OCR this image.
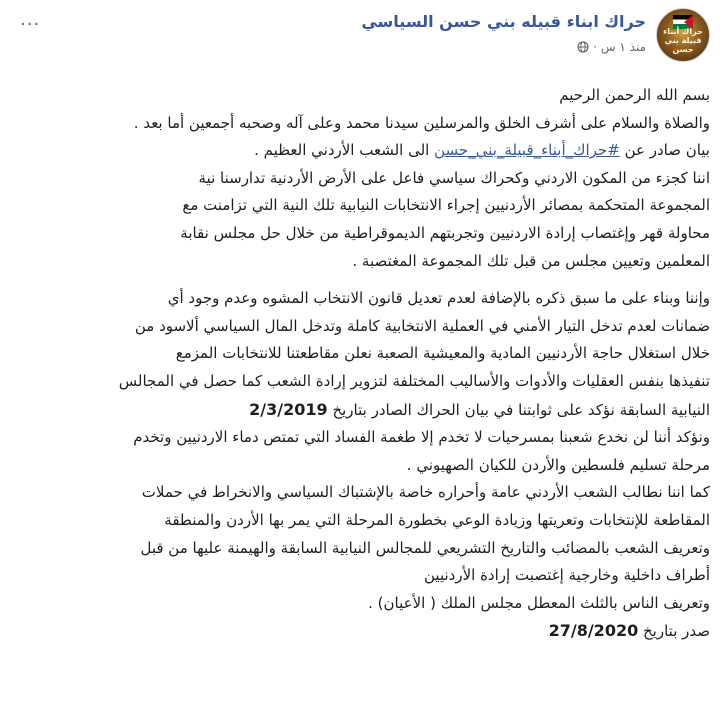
حراك أبناء قبيلة بني حسن
حراك ابناء قبيله بني حسن السياسي
منذ ١ س ·
···

بسم الله الرحمن الرحيم

والصلاة والسلام على أشرف الخلق والمرسلين سيدنا محمد وعلى آله وصحبه أجمعين أما بعد .

بيان صادر عن #حراك_أبناء_قبيلة_بني_حسن الى الشعب الأردني العظيم .

اننا كجزء من المكون الاردني وكحراك سياسي فاعل على الأرض الأردنية تدارسنا نية

المجموعة المتحكمة بمصائر الأردنيين إجراء الانتخابات النيابية تلك النية التي تزامنت مع

محاولة قهر وإغتصاب إرادة الاردنيين وتجربتهم الديموقراطية من خلال حل مجلس نقابة

المعلمين وتعيين مجلس من قبل تلك المجموعة المغتصبة .

وإننا وبناء على ما سبق ذكره بالإضافة لعدم تعديل قانون الانتخاب المشوه وعدم وجود أي

ضمانات لعدم تدخل التيار الأمني في العملية الانتخابية كاملة وتدخل المال السياسي ألاسود من

خلال استغلال حاجة الأردنيين المادية والمعيشية الصعبة نعلن مقاطعتنا للانتخابات المزمع

تنفيذها بنفس العقليات والأدوات والأساليب المختلفة لتزوير إرادة الشعب كما حصل في المجالس

النيابية السابقة نؤكد على ثوابتنا في بيان الحراك الصادر بتاريخ 2/3/2019

ونؤكد أننا لن نخدع شعبنا بمسرحيات لا تخدم إلا طغمة الفساد التي تمتص دماء الاردنيين وتخدم

مرحلة تسليم فلسطين والأردن للكيان الصهيوني .

كما اننا نطالب الشعب الأردني عامة وأحراره خاصة بالإشتباك السياسي والانخراط في حملات

المقاطعة للإنتخابات وتعريتها وزيادة الوعي بخطورة المرحلة التي يمر بها الأردن والمنطقة

وتعريف الشعب بالمصائب والتاريخ التشريعي للمجالس النيابية السابقة والهيمنة عليها من قبل

أطراف داخلية وخارجية إغتصبت إرادة الأردنيين

وتعريف الناس بالثلث المعطل مجلس الملك ( الأعيان) .

صدر بتاريخ 27/8/2020
